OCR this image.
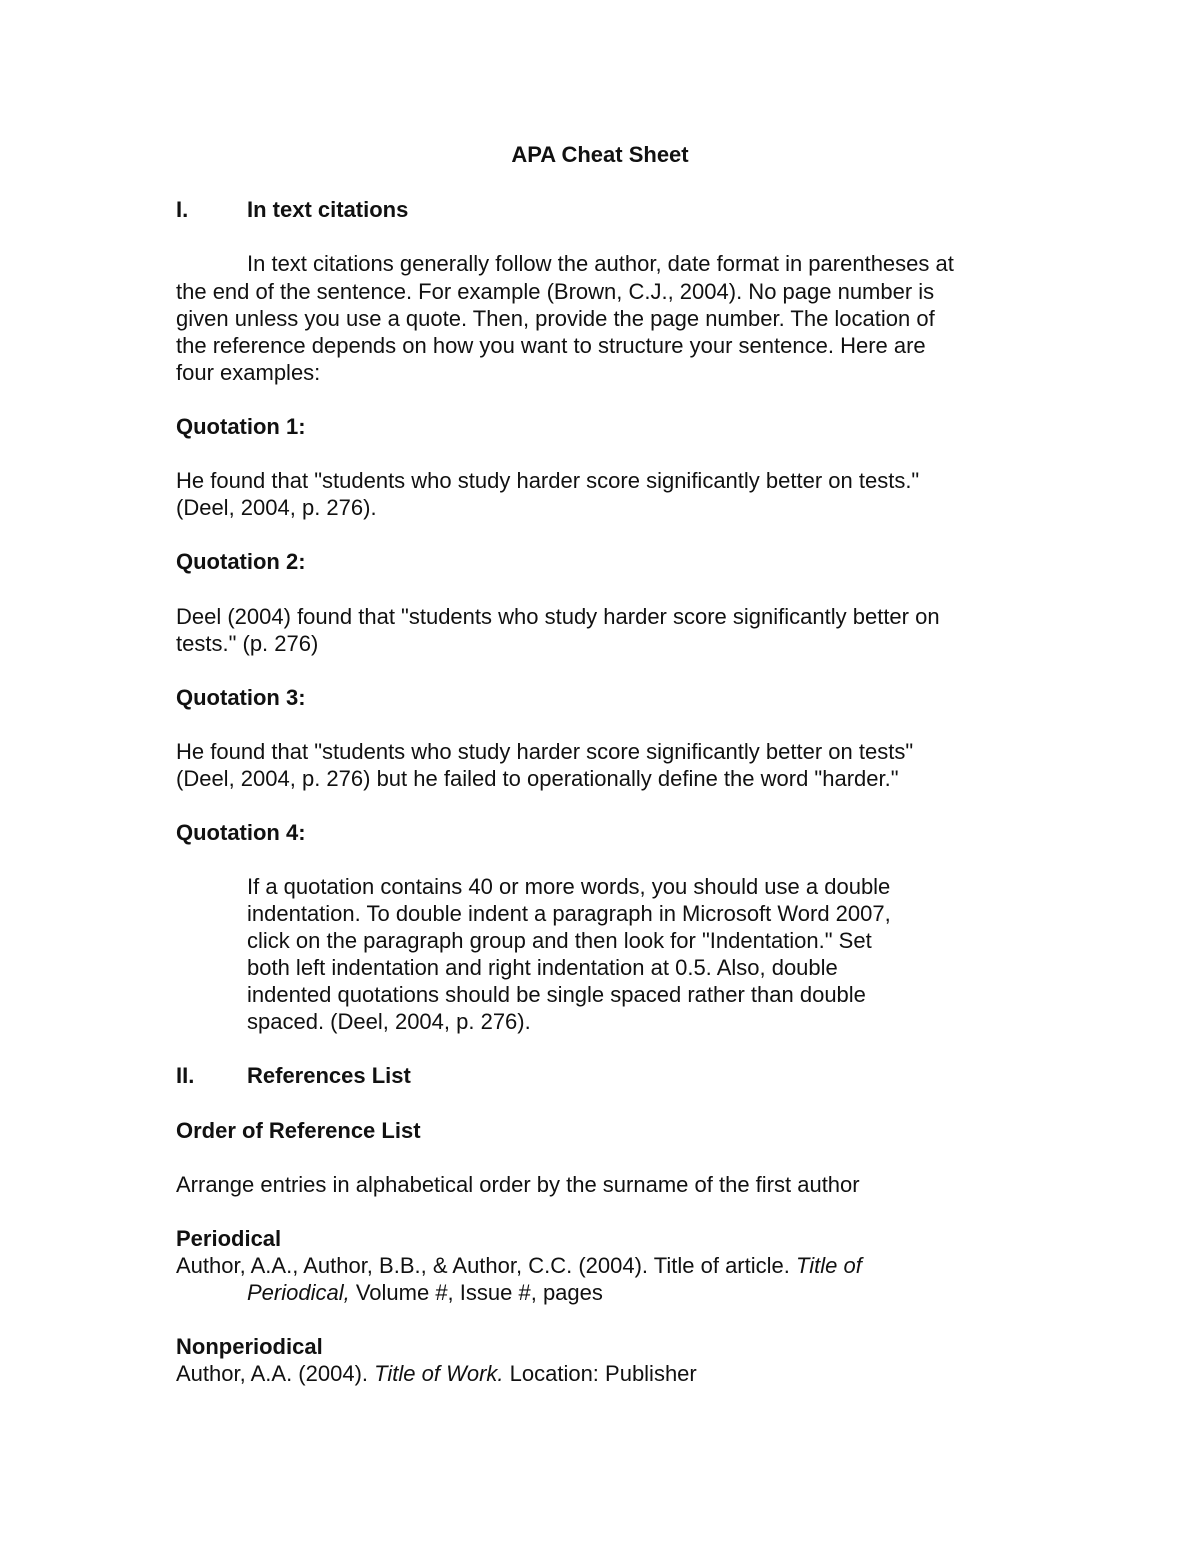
APA Cheat Sheet

I.	In text citations

In text citations generally follow the author, date format in parentheses at

the end of the sentence. For example (Brown, C.J., 2004). No page number is

given unless you use a quote. Then, provide the page number. The location of

the reference depends on how you want to structure your sentence. Here are

four examples:

Quotation 1:

He found that "students who study harder score significantly better on tests."

(Deel, 2004, p. 276).

Quotation 2:

Deel (2004) found that "students who study harder score significantly better on

tests." (p. 276)

Quotation 3:

He found that "students who study harder score significantly better on tests"

(Deel, 2004, p. 276) but he failed to operationally define the word "harder."

Quotation 4:

If a quotation contains 40 or more words, you should use a double

indentation. To double indent a paragraph in Microsoft Word 2007,

click on the paragraph group and then look for "Indentation." Set

both left indentation and right indentation at 0.5. Also, double

indented quotations should be single spaced rather than double

spaced. (Deel, 2004, p. 276).

II. References List

Order of Reference List

Arrange entries in alphabetical order by the surname of the first author

Periodical

Author, A.A., Author, B.B., & Author, C.C. (2004). Title of article. Title of

Periodical, Volume #, Issue #, pages

Nonperiodical

Author, A.A. (2004). Title of Work. Location: Publisher
